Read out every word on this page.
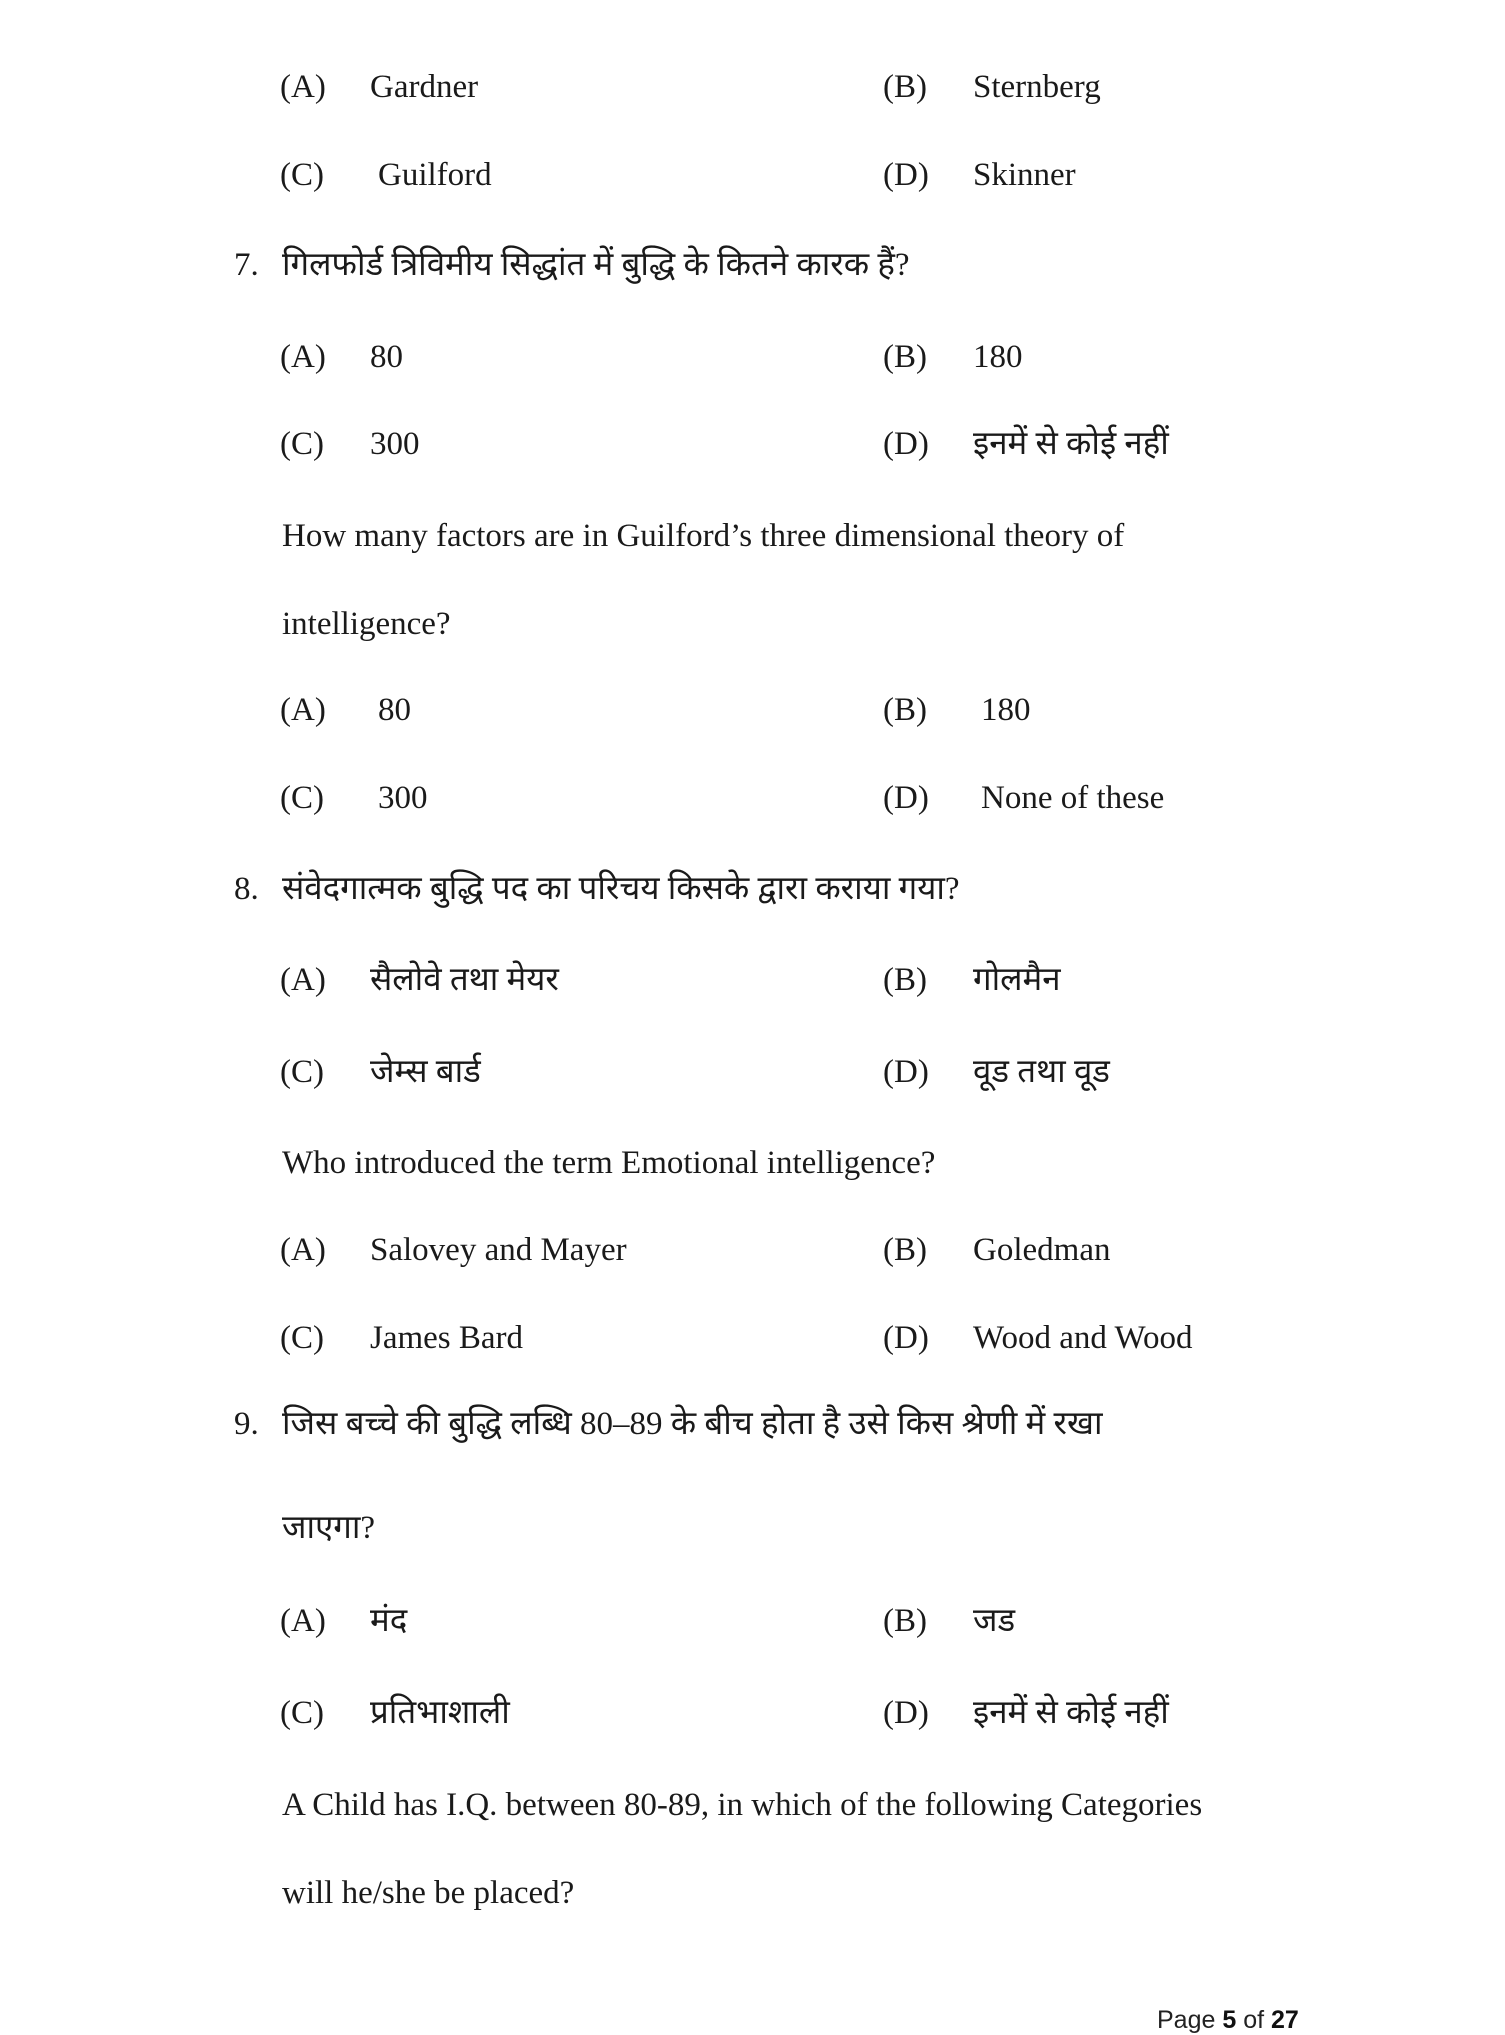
(A) Gardner	(B) Sternberg
(C) Guilford	(D) Skinner
7. गिलफोर्ड त्रिविमीय सिद्धांत में बुद्धि के कितने कारक हैं?
(A) 80	(B) 180
(C) 300	(D) इनमें से कोई नहीं
How many factors are in Guilford’s three dimensional theory of
intelligence?
(A) 80	(B) 180
(C) 300	(D) None of these
8. संवेदगात्मक बुद्धि पद का परिचय किसके द्वारा कराया गया?
(A) सैलोवे तथा मेयर	(B) गोलमैन
(C) जेम्स बार्ड	(D) वूड तथा वूड
Who introduced the term Emotional intelligence?
(A) Salovey and Mayer	(B) Goledman
(C) James Bard	(D) Wood and Wood
9. जिस बच्चे की बुद्धि लब्धि 80–89 के बीच होता है उसे किस श्रेणी में रखा
जाएगा?
(A) मंद	(B) जड
(C) प्रतिभाशाली	(D) इनमें से कोई नहीं
A Child has I.Q. between 80-89, in which of the following Categories
will he/she be placed?
Page 5 of 27
